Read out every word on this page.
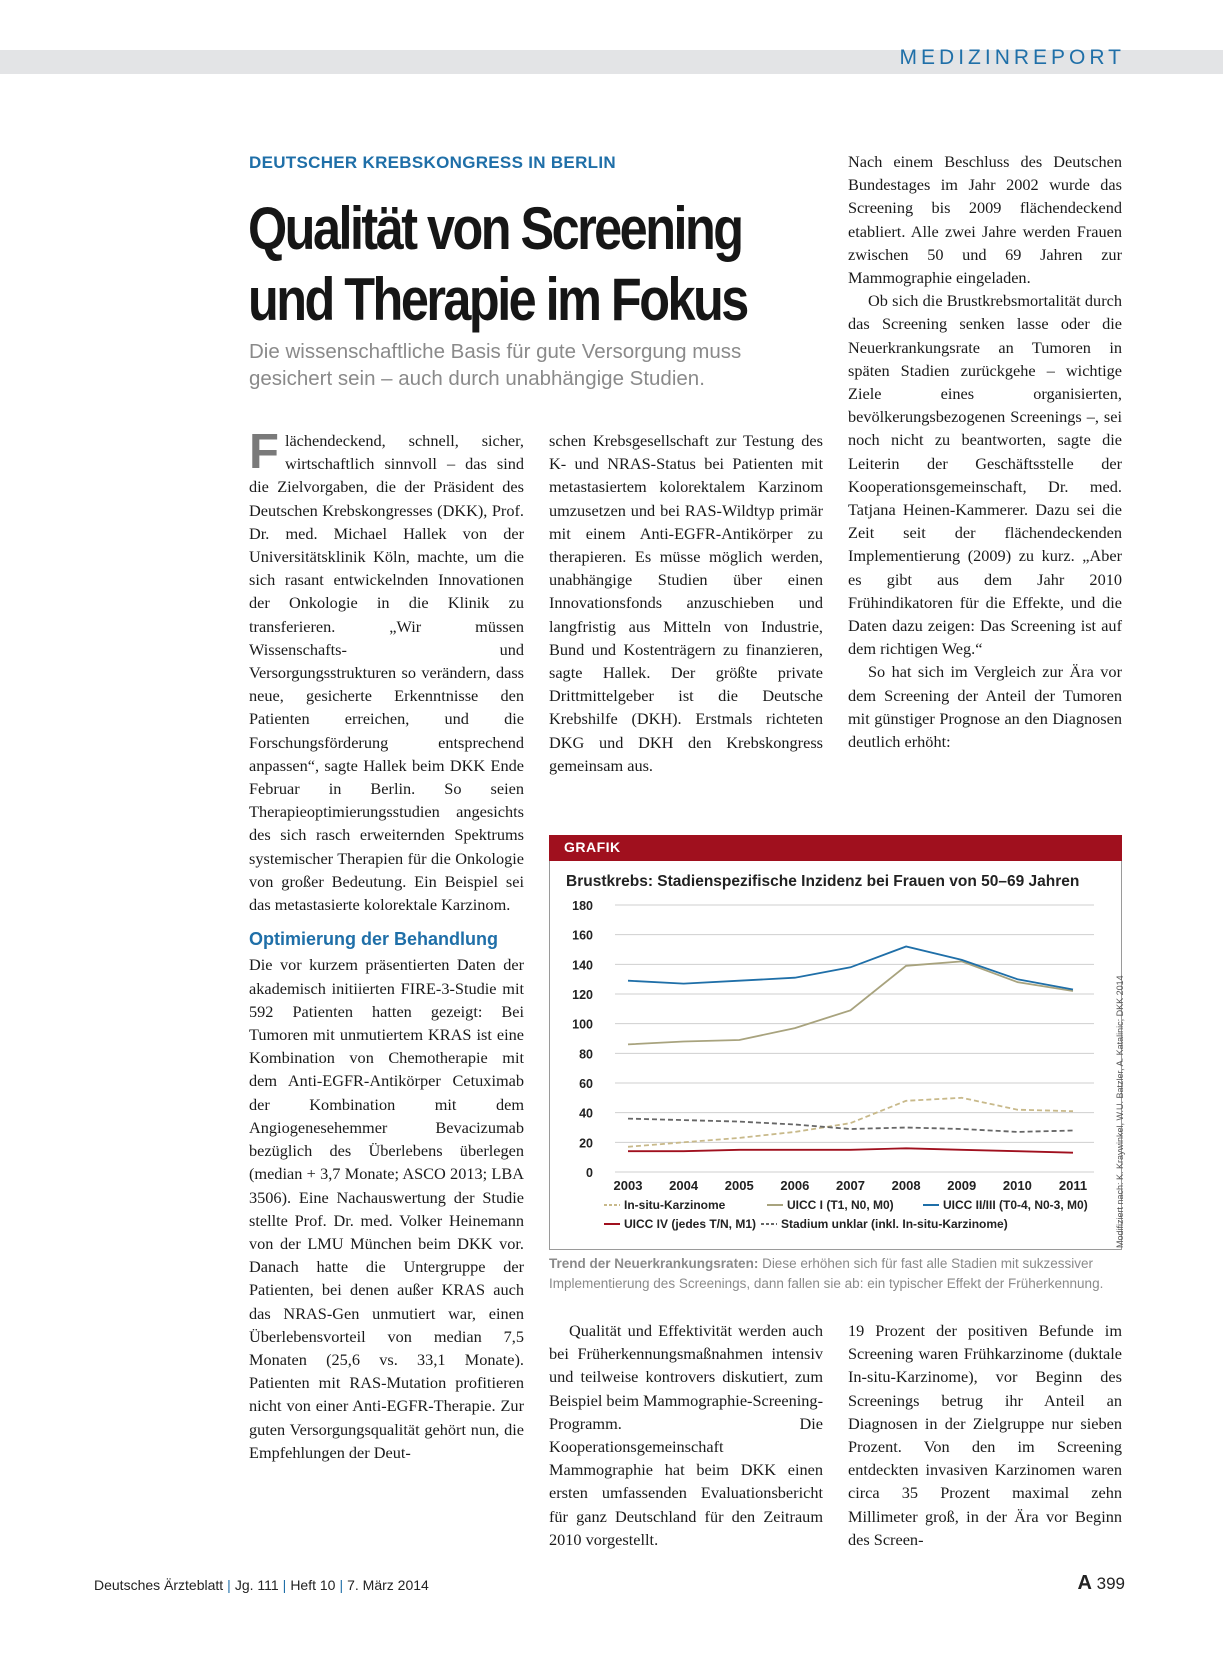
MEDIZINREPORT
DEUTSCHER KREBSKONGRESS IN BERLIN
Qualität von Screening
und Therapie im Fokus
Die wissenschaftliche Basis für gute Versorgung muss gesichert sein – auch durch unabhängige Studien.

Flächendeckend, schnell, sicher, wirtschaftlich sinnvoll – das sind die Zielvorgaben, die der Präsident des Deutschen Krebskongresses (DKK), Prof. Dr. med. Michael Hallek von der Universitätsklinik Köln, machte, um die sich rasant entwickelnden Innovationen der Onkologie in die Klinik zu transferieren. „Wir müssen Wissenschafts- und Versorgungsstrukturen so verändern, dass neue, gesicherte Erkenntnisse den Patienten erreichen, und die Forschungsförderung entsprechend anpassen“, sagte Hallek beim DKK Ende Februar in Berlin. So seien Therapieoptimierungsstudien angesichts des sich rasch erweiternden Spektrums systemischer Therapien für die Onkologie von großer Bedeutung. Ein Beispiel sei das metastasierte kolorektale Karzinom.

Optimierung der Behandlung

Die vor kurzem präsentierten Daten der akademisch initiierten FIRE-3-Studie mit 592 Patienten hatten gezeigt: Bei Tumoren mit unmutiertem KRAS ist eine Kombination von Chemotherapie mit dem Anti-EGFR-Antikörper Cetuximab der Kombination mit dem Angiogenesehemmer Bevacizumab bezüglich des Überlebens überlegen (median + 3,7 Monate; ASCO 2013; LBA 3506). Eine Nachauswertung der Studie stellte Prof. Dr. med. Volker Heinemann von der LMU München beim DKK vor. Danach hatte die Untergruppe der Patienten, bei denen außer KRAS auch das NRAS-Gen unmutiert war, einen Überlebensvorteil von median 7,5 Monaten (25,6 vs. 33,1 Monate). Patienten mit RAS-Mutation profitieren nicht von einer Anti-EGFR-Therapie. Zur guten Versorgungsqualität gehört nun, die Empfehlungen der Deut-

schen Krebsgesellschaft zur Testung des K- und NRAS-Status bei Patienten mit metastasiertem kolorektalem Karzinom umzusetzen und bei RAS-Wildtyp primär mit einem Anti-EGFR-Antikörper zu therapieren. Es müsse möglich werden, unabhängige Studien über einen Innovationsfonds anzuschieben und langfristig aus Mitteln von Industrie, Bund und Kostenträgern zu finanzieren, sagte Hallek. Der größte private Drittmittelgeber ist die Deutsche Krebshilfe (DKH). Erstmals richteten DKG und DKH den Krebskongress gemeinsam aus.

Nach einem Beschluss des Deutschen Bundestages im Jahr 2002 wurde das Screening bis 2009 flächendeckend etabliert. Alle zwei Jahre werden Frauen zwischen 50 und 69 Jahren zur Mammographie eingeladen.

Ob sich die Brustkrebsmortalität durch das Screening senken lasse oder die Neuerkrankungsrate an Tumoren in späten Stadien zurückgehe – wichtige Ziele eines organisierten, bevölkerungsbezogenen Screenings –, sei noch nicht zu beantworten, sagte die Leiterin der Geschäftsstelle der Kooperationsgemeinschaft, Dr. med. Tatjana Heinen-Kammerer. Dazu sei die Zeit seit der flächendeckenden Implementierung (2009) zu kurz. „Aber es gibt aus dem Jahr 2010 Frühindikatoren für die Effekte, und die Daten dazu zeigen: Das Screening ist auf dem richtigen Weg.“

So hat sich im Vergleich zur Ära vor dem Screening der Anteil der Tumoren mit günstiger Prognose an den Diagnosen deutlich erhöht:

GRAFIK
Brustkrebs: Stadienspezifische Inzidenz bei Frauen von 50–69 Jahren
0
20
40
60
80
100
120
140
160
180
2003 2004 2005 2006 2007 2008 2009 2010 2011
In-situ-Karzinome	UICC I (T1, N0, M0)	UICC II/III (T0-4, N0-3, M0)
UICC IV (jedes T/N, M1) Stadium unklar (inkl. In-situ-Karzinome)	Modifiziert nach: K. Kraywinkel, W.U. Batzler, A. Katalinic; DKK 2014
Trend der Neuerkrankungsraten: Diese erhöhen sich für fast alle Stadien mit sukzessiver Implementierung des Screenings, dann fallen sie ab: ein typischer Effekt der Früherkennung.

Qualität und Effektivität werden auch bei Früherkennungsmaßnahmen intensiv und teilweise kontrovers diskutiert, zum Beispiel beim Mammographie-Screening-Programm. Die Kooperationsgemeinschaft Mammographie hat beim DKK einen ersten umfassenden Evaluationsbericht für ganz Deutschland für den Zeitraum 2010 vorgestellt.

19 Prozent der positiven Befunde im Screening waren Frühkarzinome (duktale In-situ-Karzinome), vor Beginn des Screenings betrug ihr Anteil an Diagnosen in der Zielgruppe nur sieben Prozent. Von den im Screening entdeckten invasiven Karzinomen waren circa 35 Prozent maximal zehn Millimeter groß, in der Ära vor Beginn des Screen-

Deutsches Ärzteblatt | Jg. 111 | Heft 10 | 7. März 2014	A 399
